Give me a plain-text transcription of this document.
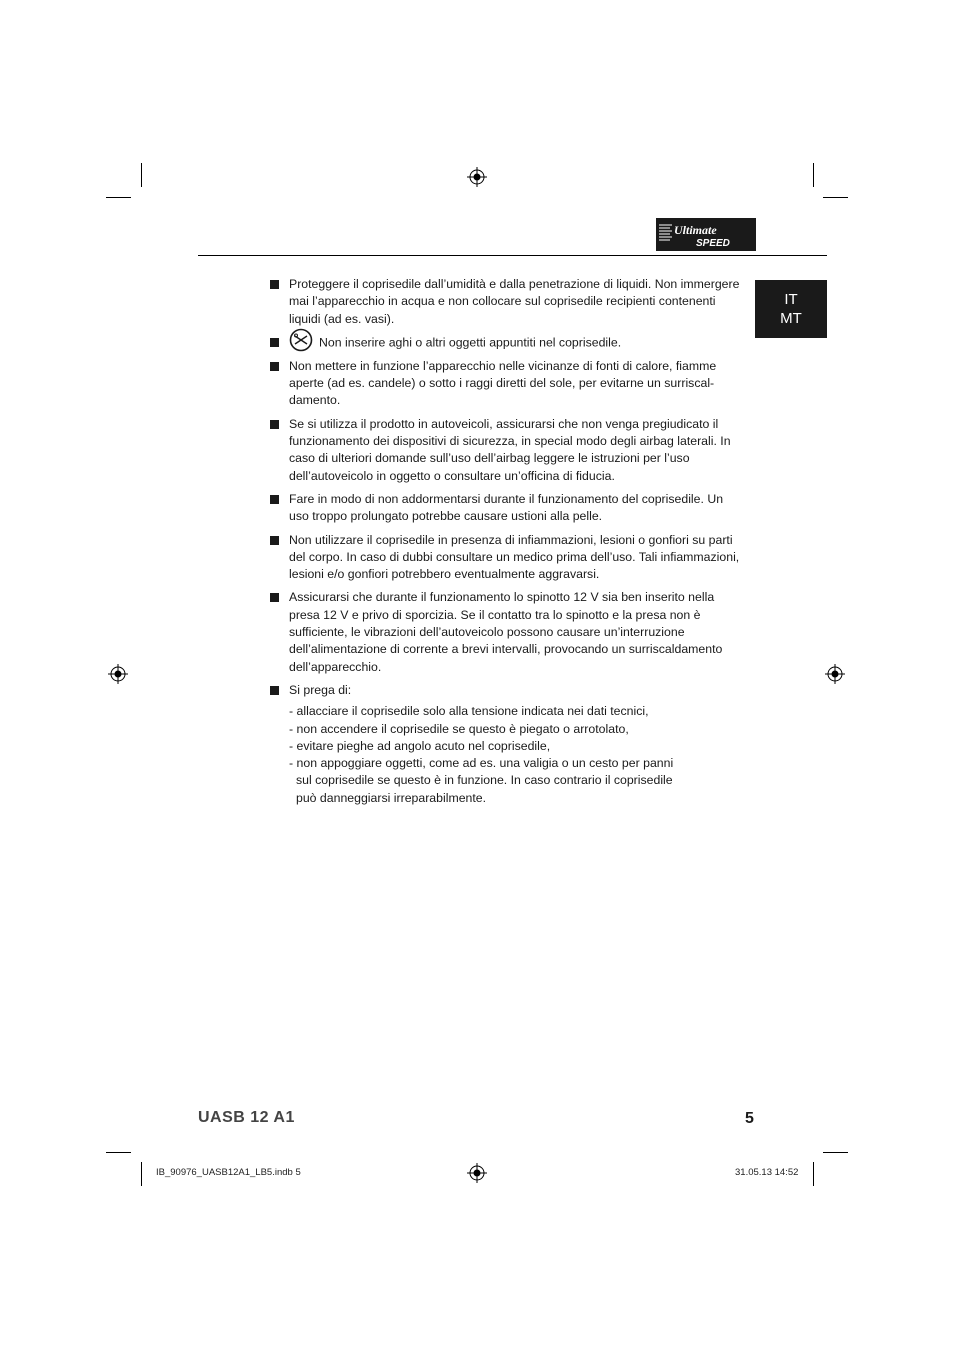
Ultimate
SPEED
IT
MT
Proteggere il coprisedile dall’umidità e dalla penetrazione di liquidi. Non immergere mai l’apparecchio in acqua e non collocare sul coprisedile recipienti contenenti liquidi (ad es. vasi).
Non inserire aghi o altri oggetti appuntiti nel coprisedile.
Non mettere in funzione l’apparecchio nelle vicinanze di fonti di calore, fiamme aperte (ad es. candele) o sotto i raggi diretti del sole, per evitarne un surriscal-damento.
Se si utilizza il prodotto in autoveicoli, assicurarsi che non venga pregiudicato il funzionamento dei dispositivi di sicurezza, in special modo degli airbag laterali. In caso di ulteriori domande sull’uso dell’airbag leggere le istruzioni per l’uso dell’autoveicolo in oggetto o consultare un’officina di fiducia.
Fare in modo di non addormentarsi durante il funzionamento del coprisedile. Un uso troppo prolungato potrebbe causare ustioni alla pelle.
Non utilizzare il coprisedile in presenza di infiammazioni, lesioni o gonfiori su parti del corpo. In caso di dubbi consultare un medico prima dell’uso. Tali infiammazioni, lesioni e/o gonfiori potrebbero eventualmente aggravarsi.
Assicurarsi che durante il funzionamento lo spinotto 12 V sia ben inserito nella presa 12 V e privo di sporcizia. Se il contatto tra lo spinotto e la presa non è sufficiente, le vibrazioni dell’autoveicolo possono causare un’interruzione dell’alimentazione di corrente a brevi intervalli, provocando un surriscaldamento dell’apparecchio.
Si prega di:
- allacciare il coprisedile solo alla tensione indicata nei dati tecnici,
- non accendere il coprisedile se questo è piegato o arrotolato,
- evitare pieghe ad angolo acuto nel coprisedile,
- non appoggiare oggetti, come ad es. una valigia o un cesto per panni
sul coprisedile se questo è in funzione. In caso contrario il coprisedile
può danneggiarsi irreparabilmente.
UASB 12 A1	5
IB_90976_UASB12A1_LB5.indb 5	31.05.13 14:52
